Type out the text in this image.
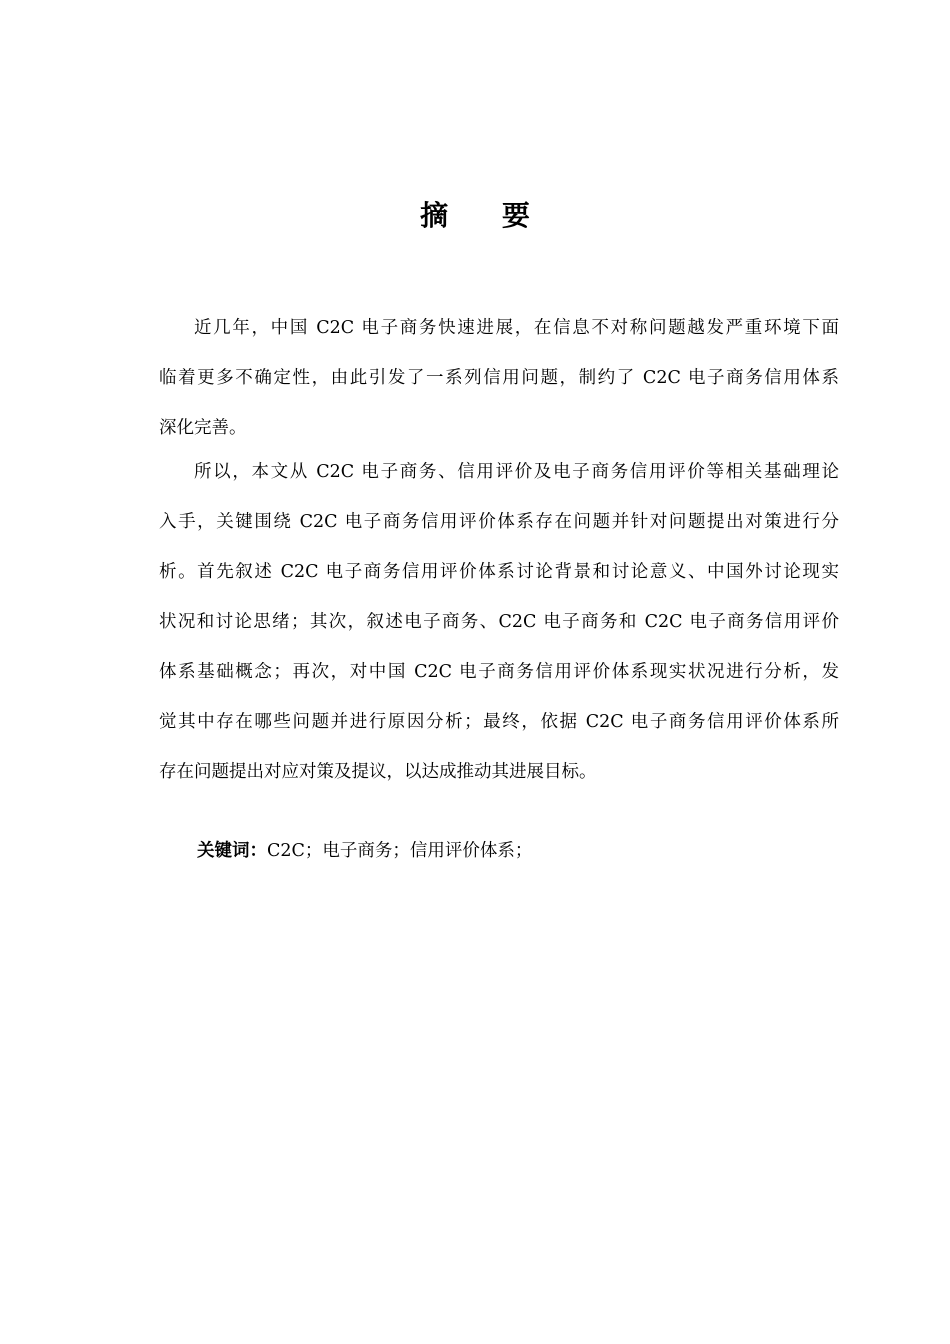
摘 要
近几年，中国 C2C 电子商务快速进展，在信息不对称问题越发严重环境下面
临着更多不确定性，由此引发了一系列信用问题，制约了 C2C 电子商务信用体系
深化完善。
所以，本文从 C2C 电子商务、信用评价及电子商务信用评价等相关基础理论
入手，关键围绕 C2C 电子商务信用评价体系存在问题并针对问题提出对策进行分
析。首先叙述 C2C 电子商务信用评价体系讨论背景和讨论意义、中国外讨论现实
状况和讨论思绪；其次，叙述电子商务、C2C 电子商务和 C2C 电子商务信用评价
体系基础概念；再次，对中国 C2C 电子商务信用评价体系现实状况进行分析，发
觉其中存在哪些问题并进行原因分析；最终，依据 C2C 电子商务信用评价体系所
存在问题提出对应对策及提议，以达成推动其进展目标。
关键词：C2C；电子商务；信用评价体系；
